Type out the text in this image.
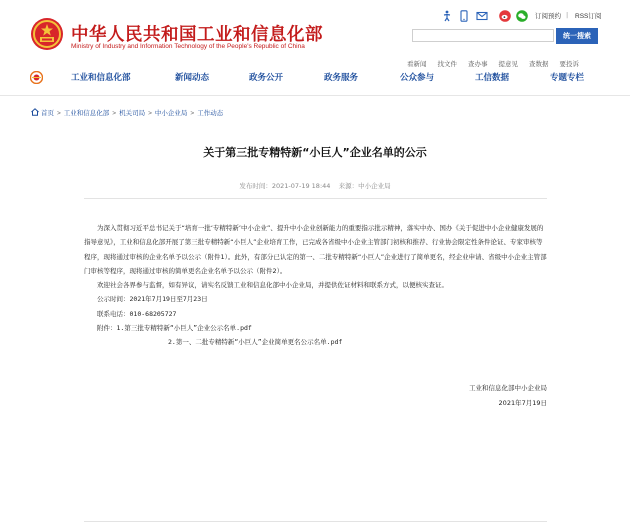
中华人民共和国工业和信息化部
Ministry of Industry and Information Technology of the People's Republic of China
订阅预约 | RSS订阅
统一搜索
看新闻 找文件 查办事 提意见 查数据 要投诉
工业和信息化部	新闻动态	政务公开	政务服务	公众参与	工信数据	专题专栏
首页 > 工业和信息化部 > 机关司局 > 中小企业局 > 工作动态
关于第三批专精特新“小巨人”企业名单的公示
发布时间：2021-07-19 18:44 来源：中小企业局

为深入贯彻习近平总书记关于“培育一批‘专精特新’中小企业”、提升中小企业创新能力的重要指示批示精神，落实中办、国办《关于促进中小企业健康发展的指导意见》，工业和信息化部开展了第三批专精特新“小巨人”企业培育工作，已完成各省级中小企业主管部门初核和推荐、行业协会限定性条件论证、专家审核等程序，现将通过审核的企业名单予以公示（附件1）。此外，有部分已认定的第一、二批专精特新“小巨人”企业进行了简单更名，经企业申请、省级中小企业主管部门审核等程序，现将通过审核的简单更名企业名单予以公示（附件2）。

欢迎社会各界参与监督，如有异议，请实名反馈工业和信息化部中小企业局，并提供佐证材料和联系方式，以便核实查证。

公示时间：2021年7月19日至7月23日

联系电话：010-68205727

附件：1.第三批专精特新“小巨人”企业公示名单.pdf

2.第一、二批专精特新“小巨人”企业简单更名公示名单.pdf

工业和信息化部中小企业局
2021年7月19日
